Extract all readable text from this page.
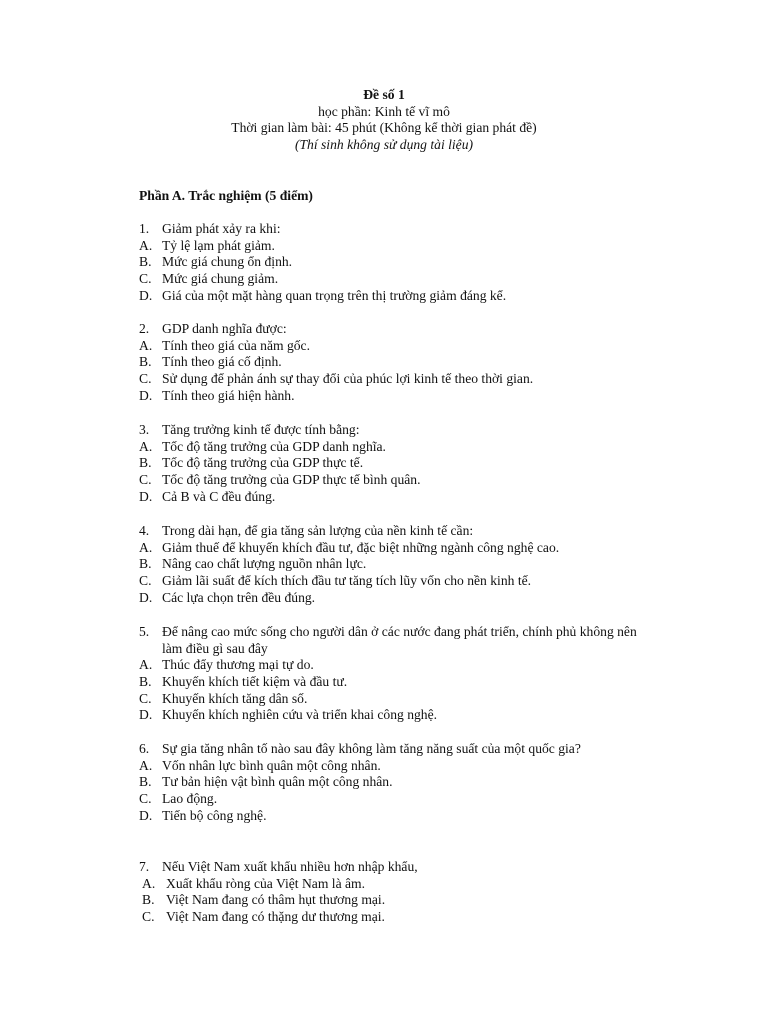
Đề số 1
học phần: Kinh tế vĩ mô
Thời gian làm bài: 45 phút (Không kể thời gian phát đề)
(Thí sinh không sử dụng tài liệu)
Phần A. Trắc nghiệm (5 điểm)
1. Giảm phát xảy ra khi:
A. Tỷ lệ lạm phát giảm.
B. Mức giá chung ổn định.
C. Mức giá chung giảm.
D. Giá của một mặt hàng quan trọng trên thị trường giảm đáng kể.
2. GDP danh nghĩa được:
A. Tính theo giá của năm gốc.
B. Tính theo giá cố định.
C. Sử dụng để phản ánh sự thay đổi của phúc lợi kinh tế theo thời gian.
D. Tính theo giá hiện hành.
3. Tăng trưởng kinh tế được tính bằng:
A. Tốc độ tăng trưởng của GDP danh nghĩa.
B. Tốc độ tăng trưởng của GDP thực tế.
C. Tốc độ tăng trưởng của GDP thực tế bình quân.
D. Cả B và C đều đúng.
4. Trong dài hạn, để gia tăng sản lượng của nền kinh tế cần:
A. Giảm thuế để khuyến khích đầu tư, đặc biệt những ngành công nghệ cao.
B. Nâng cao chất lượng nguồn nhân lực.
C. Giảm lãi suất để kích thích đầu tư tăng tích lũy vốn cho nền kinh tế.
D. Các lựa chọn trên đều đúng.
5. Để nâng cao mức sống cho người dân ở các nước đang phát triển, chính phủ không nên làm điều gì sau đây
A. Thúc đẩy thương mại tự do.
B. Khuyến khích tiết kiệm và đầu tư.
C. Khuyến khích tăng dân số.
D. Khuyến khích nghiên cứu và triển khai công nghệ.
6. Sự gia tăng nhân tố nào sau đây không làm tăng năng suất của một quốc gia?
A. Vốn nhân lực bình quân một công nhân.
B. Tư bản hiện vật bình quân một công nhân.
C. Lao động.
D. Tiến bộ công nghệ.
7. Nếu Việt Nam xuất khẩu nhiều hơn nhập khẩu,
A. Xuất khẩu ròng của Việt Nam là âm.
B. Việt Nam đang có thâm hụt thương mại.
C. Việt Nam đang có thặng dư thương mại.
